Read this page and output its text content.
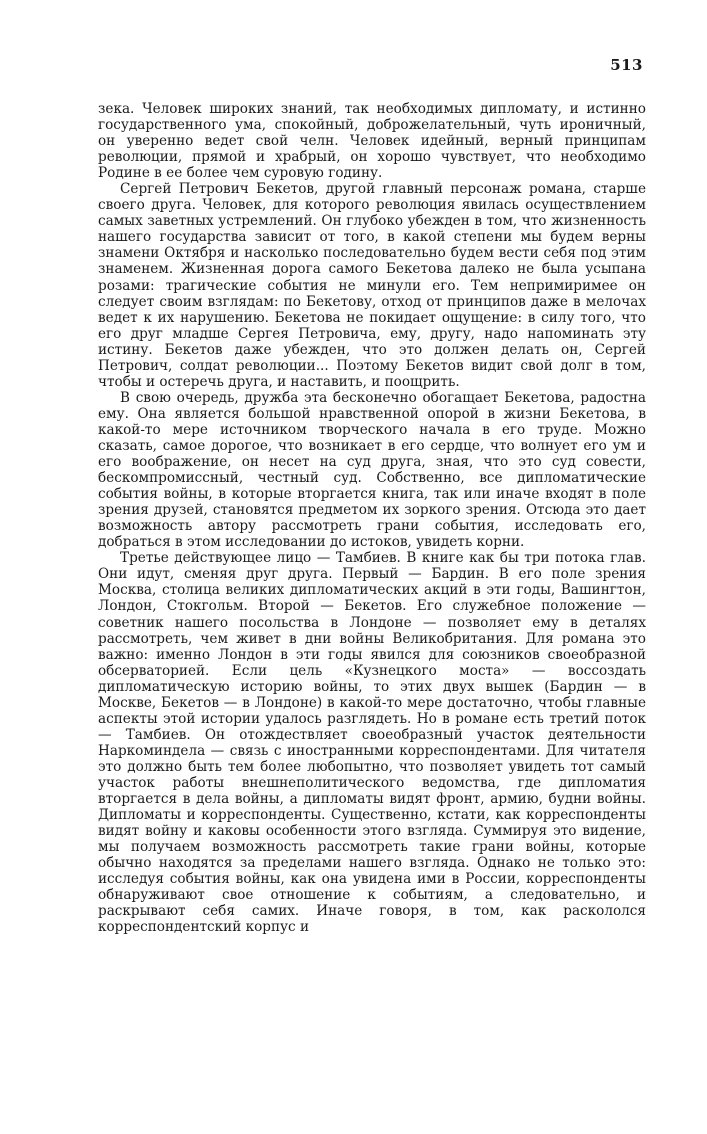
513

зека. Человек широких знаний, так необходимых дипломату, и истинно государственного ума, спокойный, доброжелательный, чуть ироничный, он уверенно ведет свой челн. Человек идейный, верный принципам революции, прямой и храбрый, он хорошо чувствует, что необходимо Родине в ее более чем суровую годину.

Сергей Петрович Бекетов, другой главный персонаж романа, старше своего друга. Человек, для которого революция явилась осуществлением самых заветных устремлений. Он глубоко убежден в том, что жизненность нашего государства зависит от того, в какой степени мы будем верны знамени Октября и насколько последовательно будем вести себя под этим знаменем. Жизненная дорога самого Бекетова далеко не была усыпана розами: трагические события не минули его. Тем непримиримее он следует своим взглядам: по Бекетову, отход от принципов даже в мелочах ведет к их нарушению. Бекетова не покидает ощущение: в силу того, что его друг младше Сергея Петровича, ему, другу, надо напоминать эту истину. Бекетов даже убежден, что это должен делать он, Сергей Петрович, солдат революции... Поэтому Бекетов видит свой долг в том, чтобы и остеречь друга, и наставить, и поощрить.

В свою очередь, дружба эта бесконечно обогащает Бекетова, радостна ему. Она является большой нравственной опорой в жизни Бекетова, в какой-то мере источником творческого начала в его труде. Можно сказать, самое дорогое, что возникает в его сердце, что волнует его ум и его воображение, он несет на суд друга, зная, что это суд совести, бескомпромиссный, честный суд. Собственно, все дипломатические события войны, в которые вторгается книга, так или иначе входят в поле зрения друзей, становятся предметом их зоркого зрения. Отсюда это дает возможность автору рассмотреть грани события, исследовать его, добраться в этом исследовании до истоков, увидеть корни.

Третье действующее лицо — Тамбиев. В книге как бы три потока глав. Они идут, сменяя друг друга. Первый — Бардин. В его поле зрения Москва, столица великих дипломатических акций в эти годы, Вашингтон, Лондон, Стокгольм. Второй — Бекетов. Его служебное положение — советник нашего посольства в Лондоне — позволяет ему в деталях рассмотреть, чем живет в дни войны Великобритания. Для романа это важно: именно Лондон в эти годы явился для союзников своеобразной обсерваторией. Если цель «Кузнецкого моста» — воссоздать дипломатическую историю войны, то этих двух вышек (Бардин — в Москве, Бекетов — в Лондоне) в какой-то мере достаточно, чтобы главные аспекты этой истории удалось разглядеть. Но в романе есть третий поток — Тамбиев. Он отождествляет своеобразный участок деятельности Наркоминдела — связь с иностранными корреспондентами. Для читателя это должно быть тем более любопытно, что позволяет увидеть тот самый участок работы внешнеполитического ведомства, где дипломатия вторгается в дела войны, а дипломаты видят фронт, армию, будни войны. Дипломаты и корреспонденты. Существенно, кстати, как корреспонденты видят войну и каковы особенности этого взгляда. Суммируя это видение, мы получаем возможность рассмотреть такие грани войны, которые обычно находятся за пределами нашего взгляда. Однако не только это: исследуя события войны, как она увидена ими в России, корреспонденты обнаруживают свое отношение к событиям, а следовательно, и раскрывают себя самих. Иначе говоря, в том, как раскололся корреспондентский корпус и
